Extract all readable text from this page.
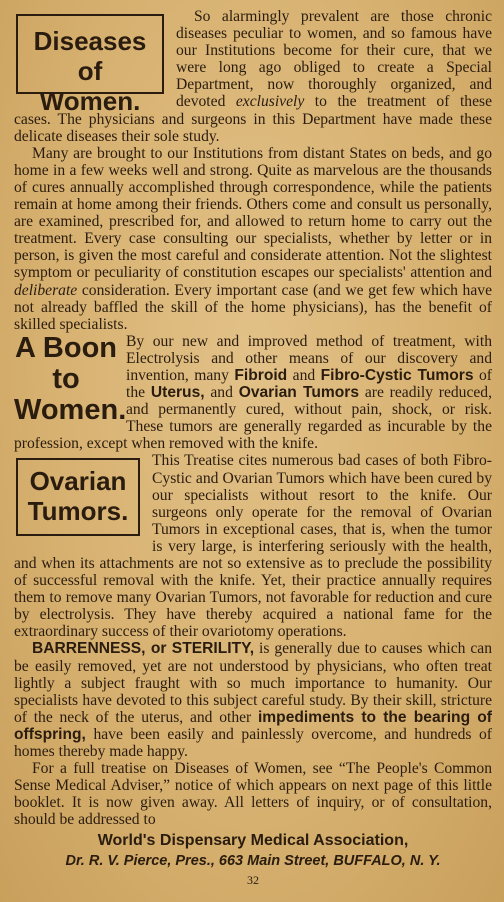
Diseases of
Women.

So alarmingly prevalent are those chronic diseases peculiar to women, and so famous have our Institutions become for their cure, that we were long ago obliged to create a Special Department, now thoroughly organized, and devoted exclusively to the treatment of these cases. The physicians and surgeons in this Department have made these delicate diseases their sole study.

Many are brought to our Institutions from distant States on beds, and go home in a few weeks well and strong. Quite as marvelous are the thousands of cures annually accomplished through correspondence, while the patients remain at home among their friends. Others come and consult us personally, are examined, prescribed for, and allowed to return home to carry out the treatment. Every case consulting our specialists, whether by letter or in person, is given the most careful and considerate attention. Not the slightest symptom or peculiarity of constitution escapes our specialists' attention and deliberate consideration. Every important case (and we get few which have not already baffled the skill of the home physicians), has the benefit of skilled specialists.

A Boon
to
Women.

By our new and improved method of treatment, with Electrolysis and other means of our discovery and invention, many Fibroid and Fibro-Cystic Tumors of the Uterus, and Ovarian Tumors are readily reduced, and permanently cured, without pain, shock, or risk. These tumors are generally regarded as incurable by the profession, except when removed with the knife.

Ovarian
Tumors.

This Treatise cites numerous bad cases of both Fibro-Cystic and Ovarian Tumors which have been cured by our specialists without resort to the knife. Our surgeons only operate for the removal of Ovarian Tumors in exceptional cases, that is, when the tumor is very large, is interfering seriously with the health, and when its attachments are not so extensive as to preclude the possibility of successful removal with the knife. Yet, their practice annually requires them to remove many Ovarian Tumors, not favorable for reduction and cure by electrolysis. They have thereby acquired a national fame for the extraordinary success of their ovariotomy operations.

BARRENNESS, or STERILITY, is generally due to causes which can be easily removed, yet are not understood by physicians, who often treat lightly a subject fraught with so much importance to humanity. Our specialists have devoted to this subject careful study. By their skill, stricture of the neck of the uterus, and other impediments to the bearing of offspring, have been easily and painlessly overcome, and hundreds of homes thereby made happy.

For a full treatise on Diseases of Women, see “The People's Common Sense Medical Adviser,” notice of which appears on next page of this little booklet. It is now given away. All letters of inquiry, or of consultation, should be addressed to

World's Dispensary Medical Association,
Dr. R. V. Pierce, Pres., 663 Main Street, BUFFALO, N. Y.
32
